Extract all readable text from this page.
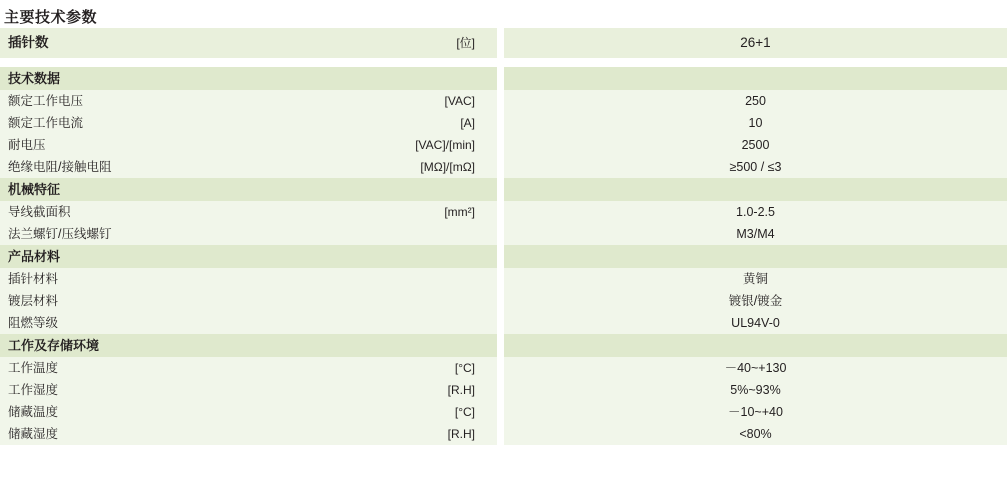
主要技术参数
插针数 [位]		26+1

技术数据		

额定工作电压 [VAC]		250

额定工作电流 [A]		10

耐电压 [VAC]/[min]		2500

绝缘电阻/接触电阻 [MΩ]/[mΩ]		≥500 / ≤3

机械特征		

导线截面积 [mm²]		1.0-2.5

法兰螺钉/压线螺钉		M3/M4

产品材料		

插针材料		黄铜

镀层材料		镀银/镀金

阻燃等级		UL94V-0

工作及存储环境		

工作温度 [°C]		－40~+130

工作湿度 [R.H]		5%~93%

储藏温度 [°C]		－10~+40

储藏湿度 [R.H]		<80%
